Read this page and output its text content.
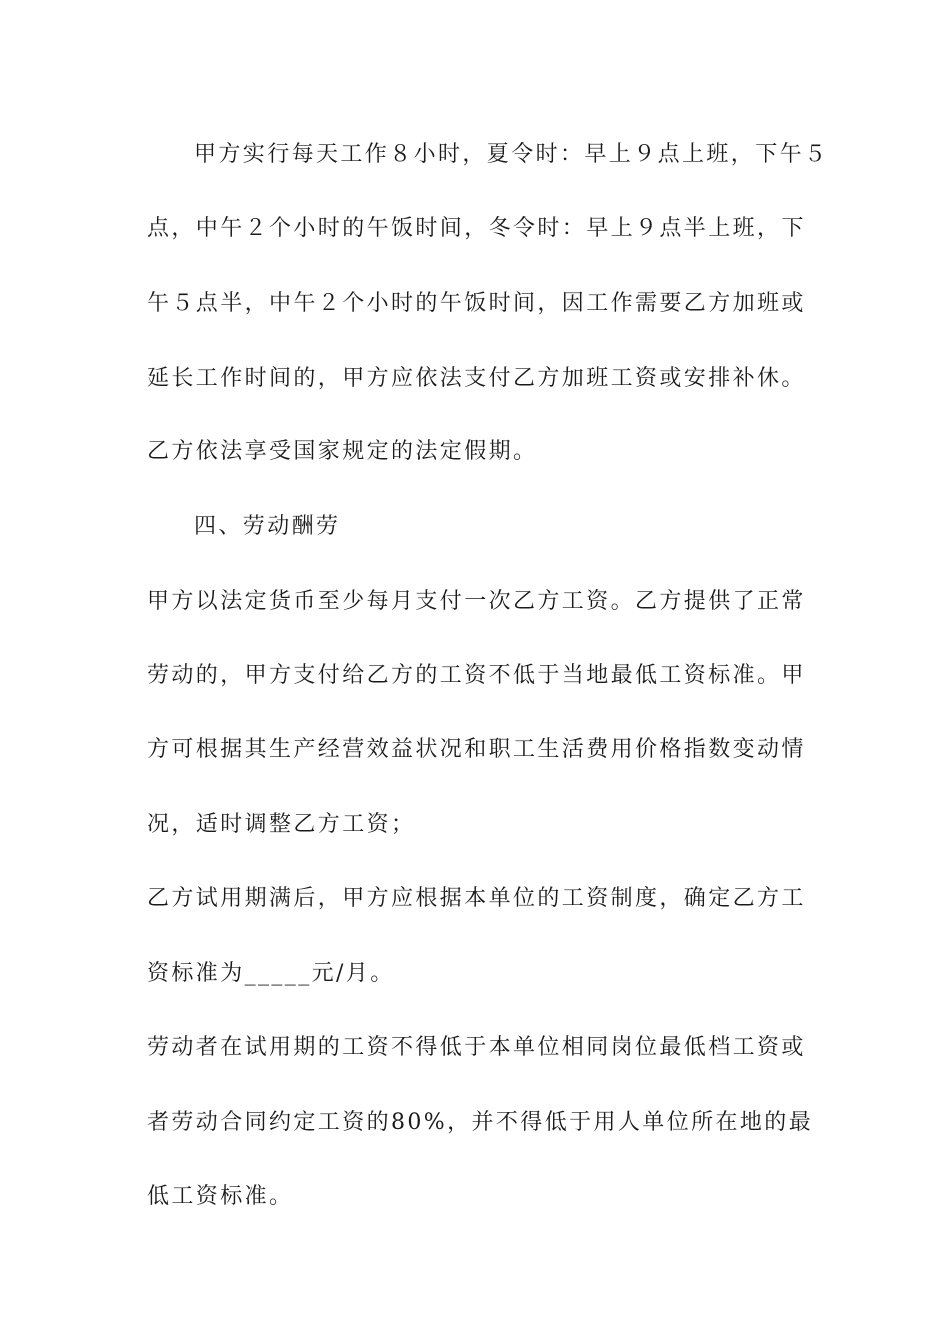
甲方实行每天工作８小时，夏令时：早上９点上班，下午５
点，中午２个小时的午饭时间，冬令时：早上９点半上班，下
午５点半，中午２个小时的午饭时间，因工作需要乙方加班或
延长工作时间的，甲方应依法支付乙方加班工资或安排补休。
乙方依法享受国家规定的法定假期。
四、劳动酬劳
甲方以法定货币至少每月支付一次乙方工资。乙方提供了正常
劳动的，甲方支付给乙方的工资不低于当地最低工资标准。甲
方可根据其生产经营效益状况和职工生活费用价格指数变动情
况，适时调整乙方工资；
乙方试用期满后，甲方应根据本单位的工资制度，确定乙方工
资标准为_____元/月。
劳动者在试用期的工资不得低于本单位相同岗位最低档工资或
者劳动合同约定工资的80%，并不得低于用人单位所在地的最
低工资标准。
